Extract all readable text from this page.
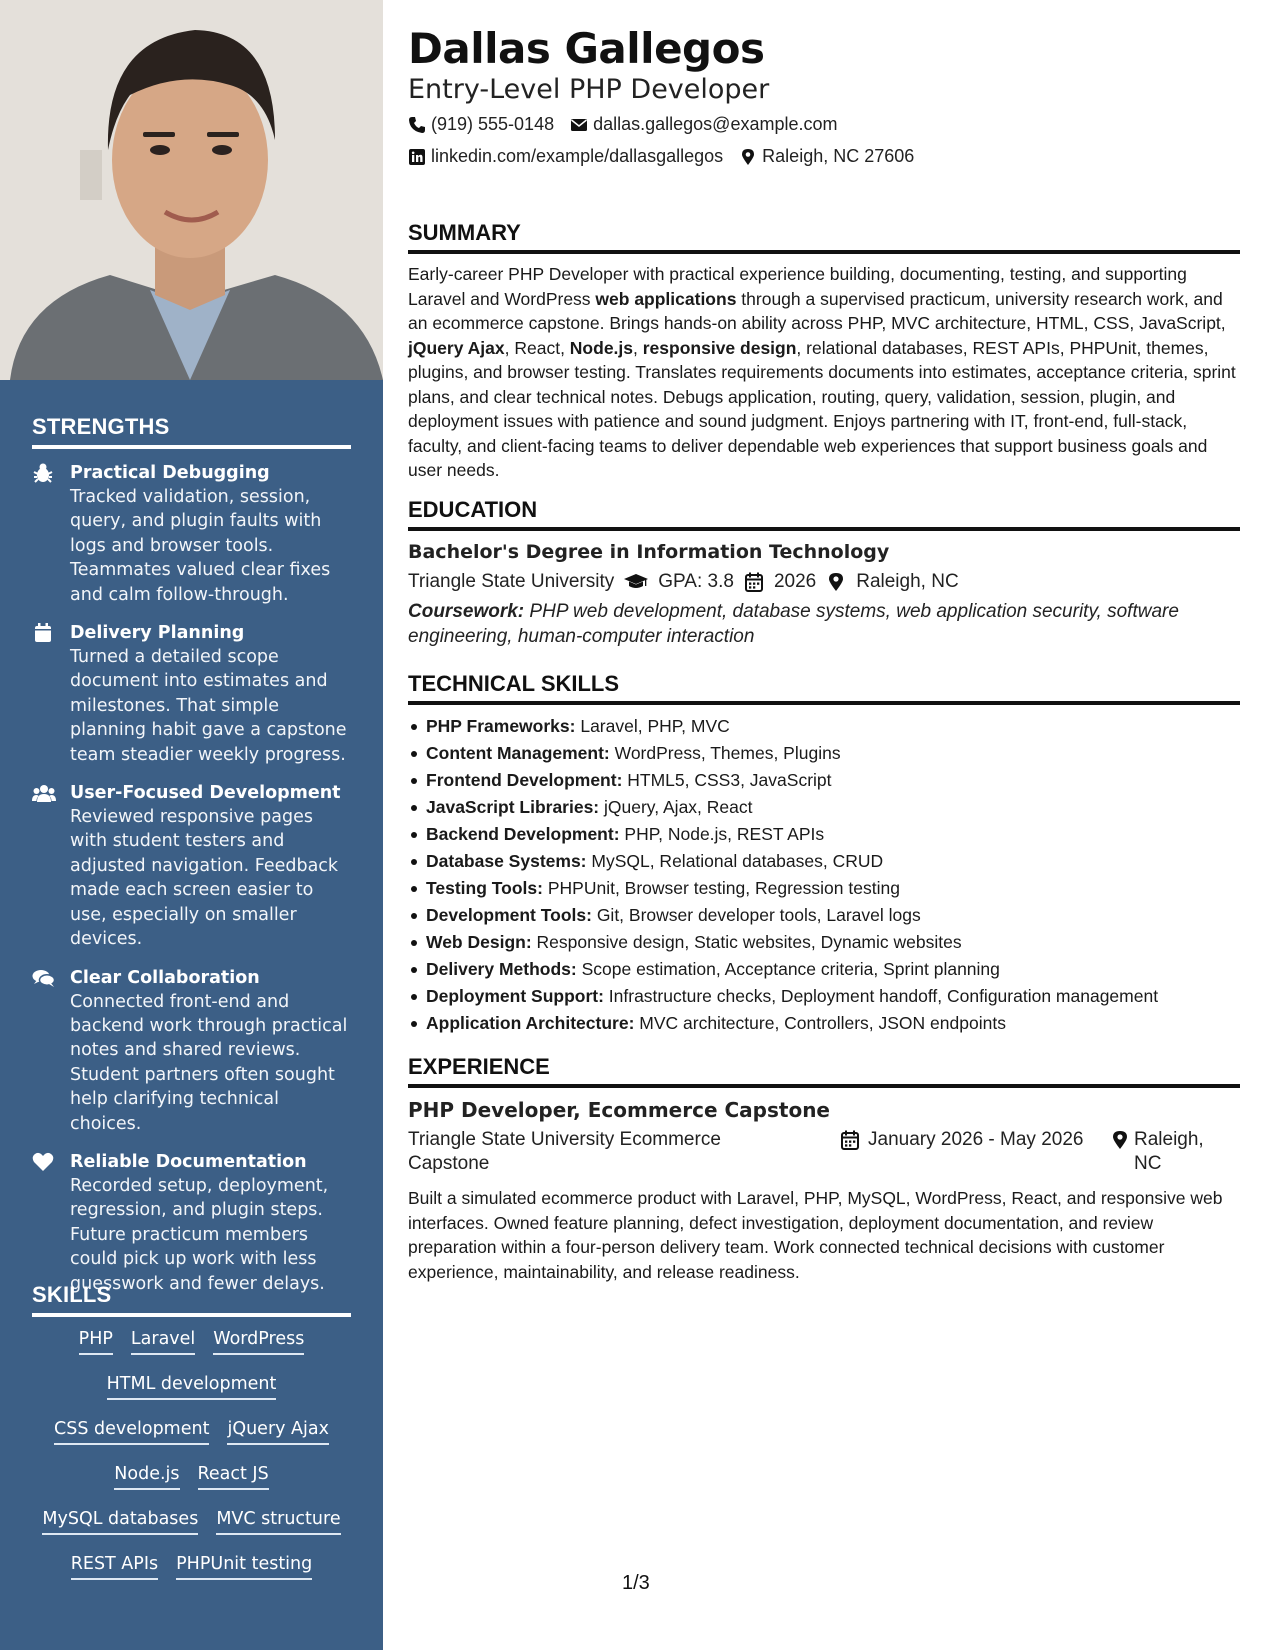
STRENGTHS
Practical Debugging
Tracked validation, session, query, and plugin faults with logs and browser tools. Teammates valued clear fixes and calm follow-through.
Delivery Planning
Turned a detailed scope document into estimates and milestones. That simple planning habit gave a capstone team steadier weekly progress.
User-Focused Development
Reviewed responsive pages with student testers and adjusted navigation. Feedback made each screen easier to use, especially on smaller devices.
Clear Collaboration
Connected front-end and backend work through practical notes and shared reviews. Student partners often sought help clarifying technical choices.
Reliable Documentation
Recorded setup, deployment, regression, and plugin steps. Future practicum members could pick up work with less guesswork and fewer delays.
SKILLS
PHP Laravel WordPress
HTML development
CSS development jQuery Ajax
Node.js React JS
MySQL databases MVC structure
REST APIs PHPUnit testing
Dallas Gallegos
Entry-Level PHP Developer
(919) 555-0148 dallas.gallegos@example.com
linkedin.com/example/dallasgallegos Raleigh, NC 27606
SUMMARY
Early-career PHP Developer with practical experience building, documenting, testing, and supporting Laravel and WordPress web applications through a supervised practicum, university research work, and an ecommerce capstone. Brings hands-on ability across PHP, MVC architecture, HTML, CSS, JavaScript, jQuery Ajax, React, Node.js, responsive design, relational databases, REST APIs, PHPUnit, themes, plugins, and browser testing. Translates requirements documents into estimates, acceptance criteria, sprint plans, and clear technical notes. Debugs application, routing, query, validation, session, plugin, and deployment issues with patience and sound judgment. Enjoys partnering with IT, front-end, full-stack, faculty, and client-facing teams to deliver dependable web experiences that support business goals and user needs.
EDUCATION
Bachelor's Degree in Information Technology
Triangle State University GPA: 3.8 2026 Raleigh, NC
Coursework: PHP web development, database systems, web application security, software engineering, human-computer interaction
TECHNICAL SKILLS
PHP Frameworks: Laravel, PHP, MVC
Content Management: WordPress, Themes, Plugins
Frontend Development: HTML5, CSS3, JavaScript
JavaScript Libraries: jQuery, Ajax, React
Backend Development: PHP, Node.js, REST APIs
Database Systems: MySQL, Relational databases, CRUD
Testing Tools: PHPUnit, Browser testing, Regression testing
Development Tools: Git, Browser developer tools, Laravel logs
Web Design: Responsive design, Static websites, Dynamic websites
Delivery Methods: Scope estimation, Acceptance criteria, Sprint planning
Deployment Support: Infrastructure checks, Deployment handoff, Configuration management
Application Architecture: MVC architecture, Controllers, JSON endpoints
EXPERIENCE
PHP Developer, Ecommerce Capstone
Triangle State University Ecommerce Capstone
January 2026 - May 2026	Raleigh, NC
Built a simulated ecommerce product with Laravel, PHP, MySQL, WordPress, React, and responsive web interfaces. Owned feature planning, defect investigation, deployment documentation, and review preparation within a four-person delivery team. Work connected technical decisions with customer experience, maintainability, and release readiness.
1/3
